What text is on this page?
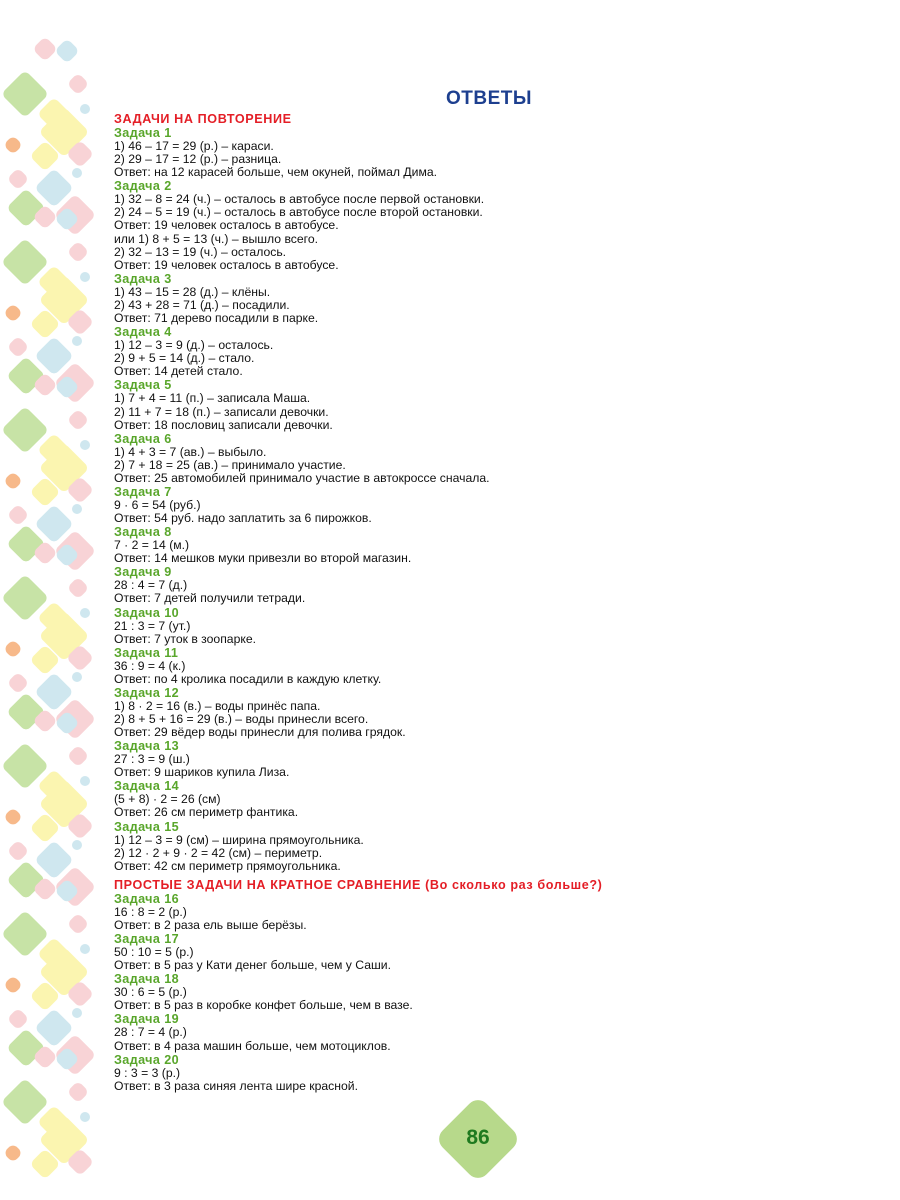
ОТВЕТЫ
ЗАДАЧИ НА ПОВТОРЕНИЕ
Задача 1
1) 46 – 17 = 29 (р.) – караси.
2) 29 – 17 = 12 (р.) – разница.
Ответ: на 12 карасей больше, чем окуней, поймал Дима.
Задача 2
1) 32 – 8 = 24 (ч.) – осталось в автобусе после первой остановки.
2) 24 – 5 = 19 (ч.) – осталось в автобусе после второй остановки.
Ответ: 19 человек осталось в автобусе.
или 1) 8 + 5 = 13 (ч.) – вышло всего.
2) 32 – 13 = 19 (ч.) – осталось.
Ответ: 19 человек осталось в автобусе.
Задача 3
1) 43 – 15 = 28 (д.) – клёны.
2) 43 + 28 = 71 (д.) – посадили.
Ответ: 71 дерево посадили в парке.
Задача 4
1) 12 – 3 = 9 (д.) – осталось.
2) 9 + 5 = 14 (д.) – стало.
Ответ: 14 детей стало.
Задача 5
1) 7 + 4 = 11 (п.) – записала Маша.
2) 11 + 7 = 18 (п.) – записали девочки.
Ответ: 18 пословиц записали девочки.
Задача 6
1) 4 + 3 = 7 (ав.) – выбыло.
2) 7 + 18 = 25 (ав.) – принимало участие.
Ответ: 25 автомобилей принимало участие в автокроссе сначала.
Задача 7
9 · 6 = 54 (руб.)
Ответ: 54 руб. надо заплатить за 6 пирожков.
Задача 8
7 · 2 = 14 (м.)
Ответ: 14 мешков муки привезли во второй магазин.
Задача 9
28 : 4 = 7 (д.)
Ответ: 7 детей получили тетради.
Задача 10
21 : 3 = 7 (ут.)
Ответ: 7 уток в зоопарке.
Задача 11
36 : 9 = 4 (к.)
Ответ: по 4 кролика посадили в каждую клетку.
Задача 12
1) 8 · 2 = 16 (в.) – воды принёс папа.
2) 8 + 5 + 16 = 29 (в.) – воды принесли всего.
Ответ: 29 вёдер воды принесли для полива грядок.
Задача 13
27 : 3 = 9 (ш.)
Ответ: 9 шариков купила Лиза.
Задача 14
(5 + 8) · 2 = 26 (см)
Ответ: 26 см периметр фантика.
Задача 15
1) 12 – 3 = 9 (см) – ширина прямоугольника.
2) 12 · 2 + 9 · 2 = 42 (см) – периметр.
Ответ: 42 см периметр прямоугольника.
ПРОСТЫЕ ЗАДАЧИ НА КРАТНОЕ СРАВНЕНИЕ (Во сколько раз больше?)
Задача 16
16 : 8 = 2 (р.)
Ответ: в 2 раза ель выше берёзы.
Задача 17
50 : 10 = 5 (р.)
Ответ: в 5 раз у Кати денег больше, чем у Саши.
Задача 18
30 : 6 = 5 (р.)
Ответ: в 5 раз в коробке конфет больше, чем в вазе.
Задача 19
28 : 7 = 4 (р.)
Ответ: в 4 раза машин больше, чем мотоциклов.
Задача 20
9 : 3 = 3 (р.)
Ответ: в 3 раза синяя лента шире красной.
86
